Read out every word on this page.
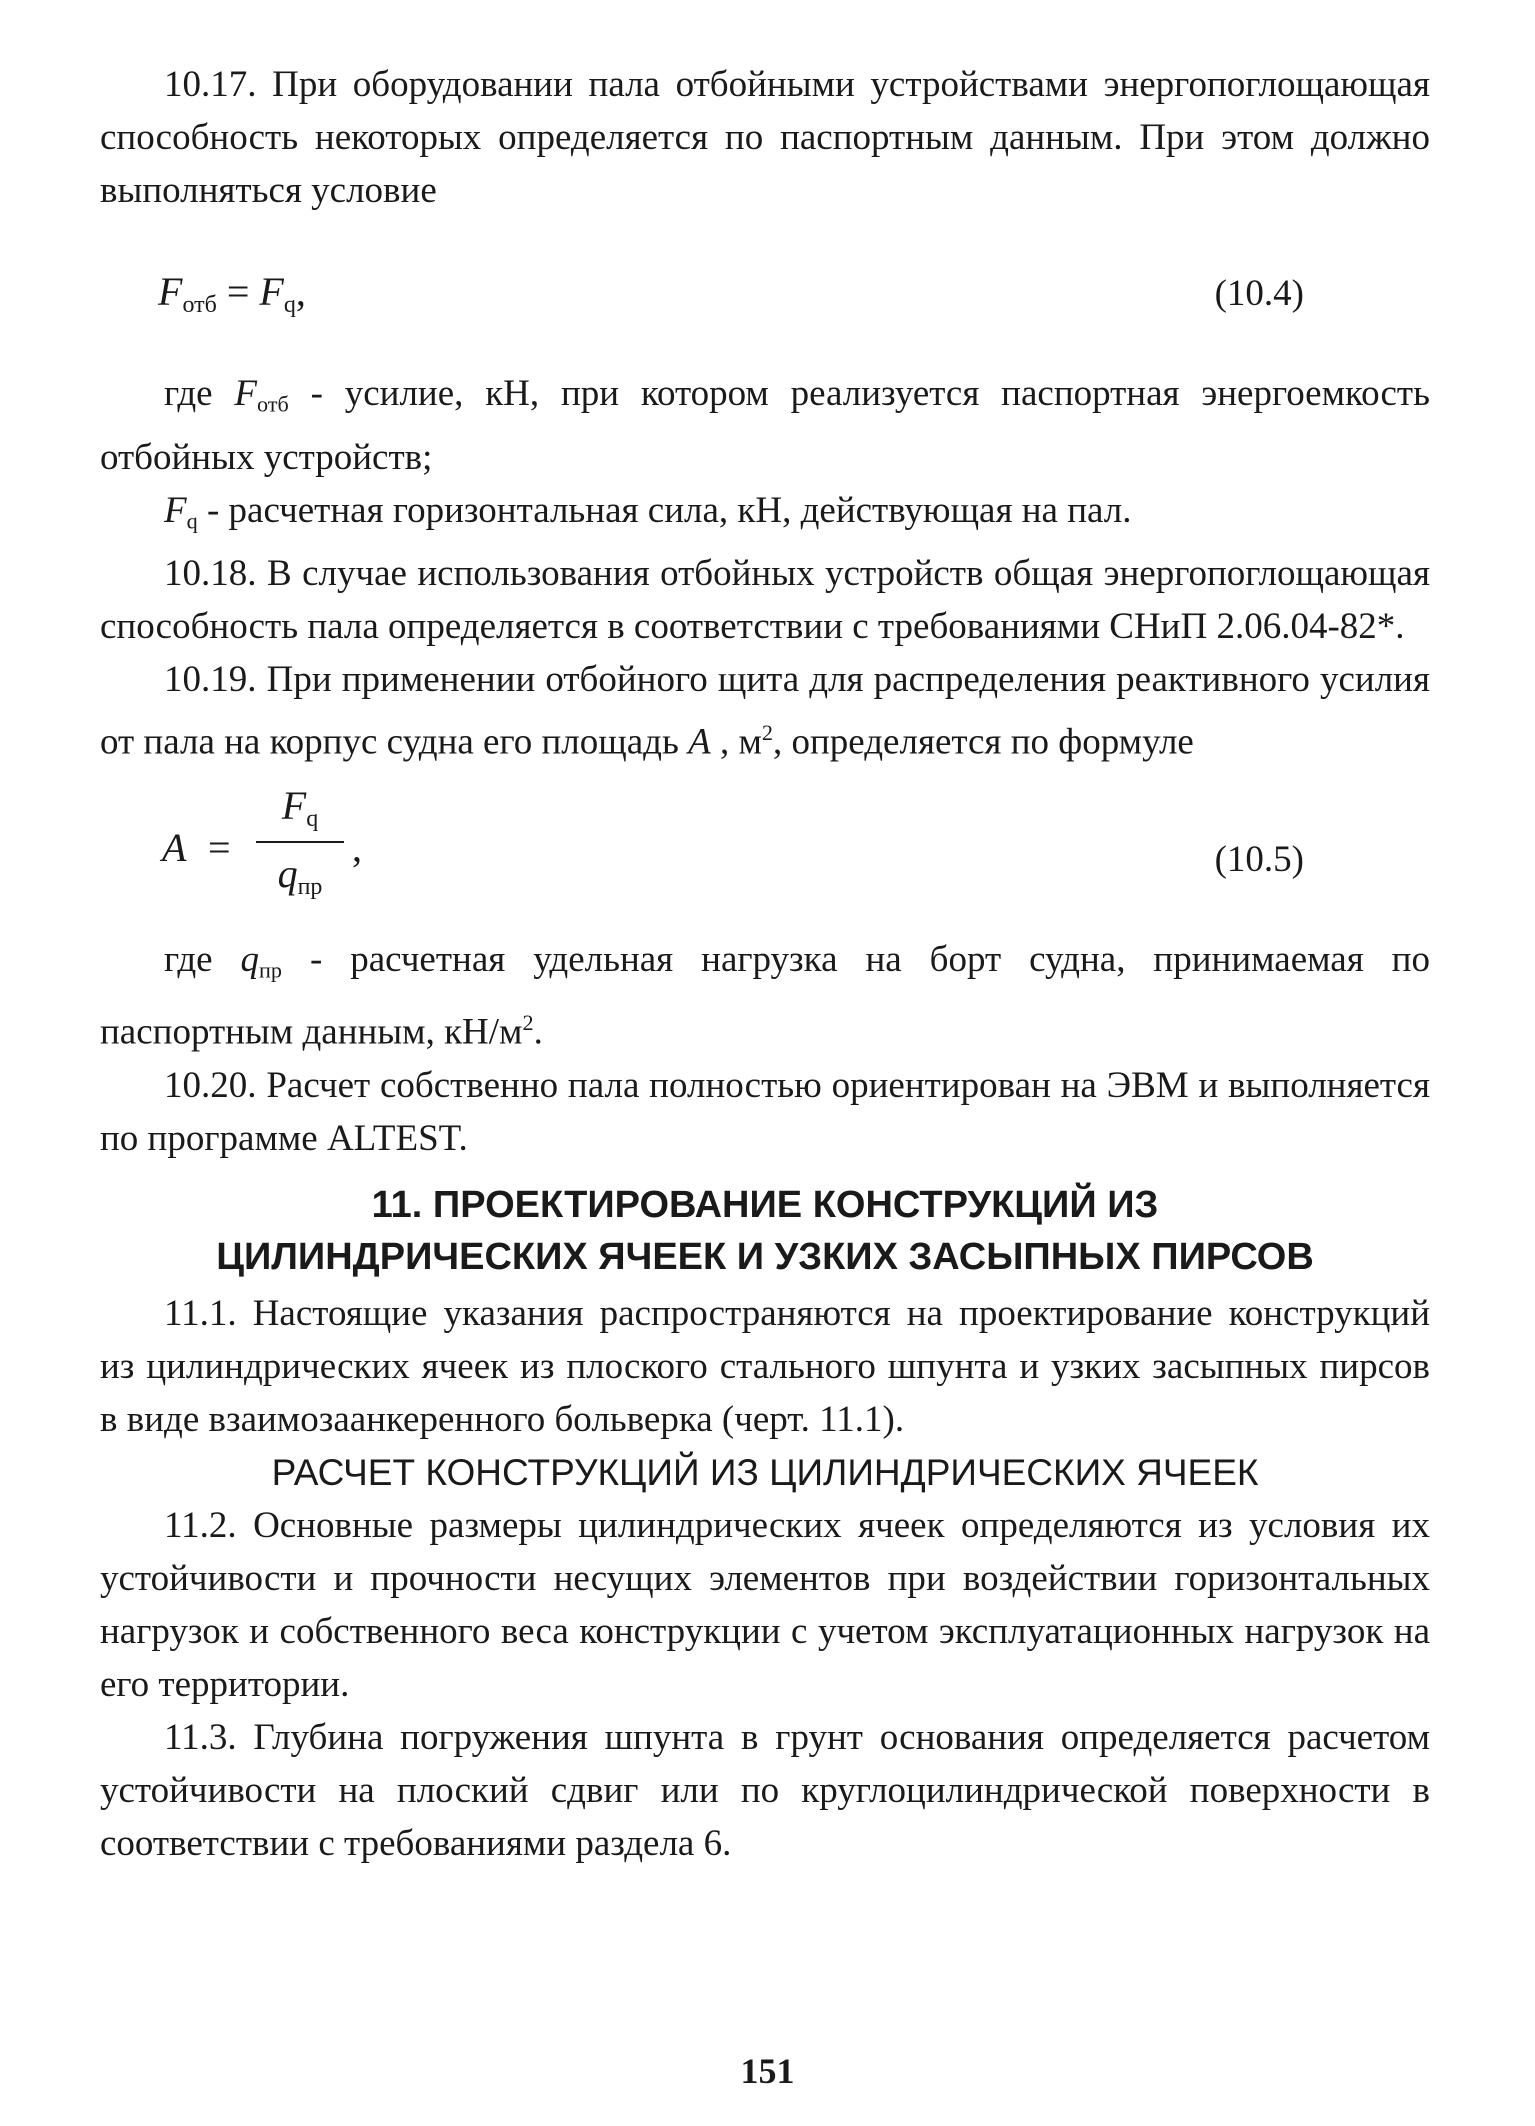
10.17. При оборудовании пала отбойными устройствами энергопоглощающая способность некоторых определяется по паспортным данным. При этом должно выполняться условие

$F_{отб} = F_q$,	(10.4)

где $F_{отб}$ - усилие, кН, при котором реализуется паспортная энергоемкость отбойных устройств;

$F_q$ - расчетная горизонтальная сила, кН, действующая на пал.

10.18. В случае использования отбойных устройств общая энергопоглощающая способность пала определяется в соответствии с требованиями СНиП 2.06.04-82*.

10.19. При применении отбойного щита для распределения реактивного усилия от пала на корпус судна его площадь A , $м^2$, определяется по формуле

A =
$F_q$
$q_{пр}$
,	(10.5)

где $q_{пр}$ - расчетная удельная нагрузка на борт судна, принимаемая по паспортным данным, $кН/м^2$.

10.20. Расчет собственно пала полностью ориентирован на ЭВМ и выполняется по программе ALTEST.

11. ПРОЕКТИРОВАНИЕ КОНСТРУКЦИЙ ИЗ
ЦИЛИНДРИЧЕСКИХ ЯЧЕЕК И УЗКИХ ЗАСЫПНЫХ ПИРСОВ

11.1. Настоящие указания распространяются на проектирование конструкций из цилиндрических ячеек из плоского стального шпунта и узких засыпных пирсов в виде взаимозаанкеренного больверка (черт. 11.1).

РАСЧЕТ КОНСТРУКЦИЙ ИЗ ЦИЛИНДРИЧЕСКИХ ЯЧЕЕК

11.2. Основные размеры цилиндрических ячеек определяются из условия их устойчивости и прочности несущих элементов при воздействии горизонтальных нагрузок и собственного веса конструкции с учетом эксплуатационных нагрузок на его территории.

11.3. Глубина погружения шпунта в грунт основания определяется расчетом устойчивости на плоский сдвиг или по круглоцилиндрической поверхности в соответствии с требованиями раздела 6.

151
